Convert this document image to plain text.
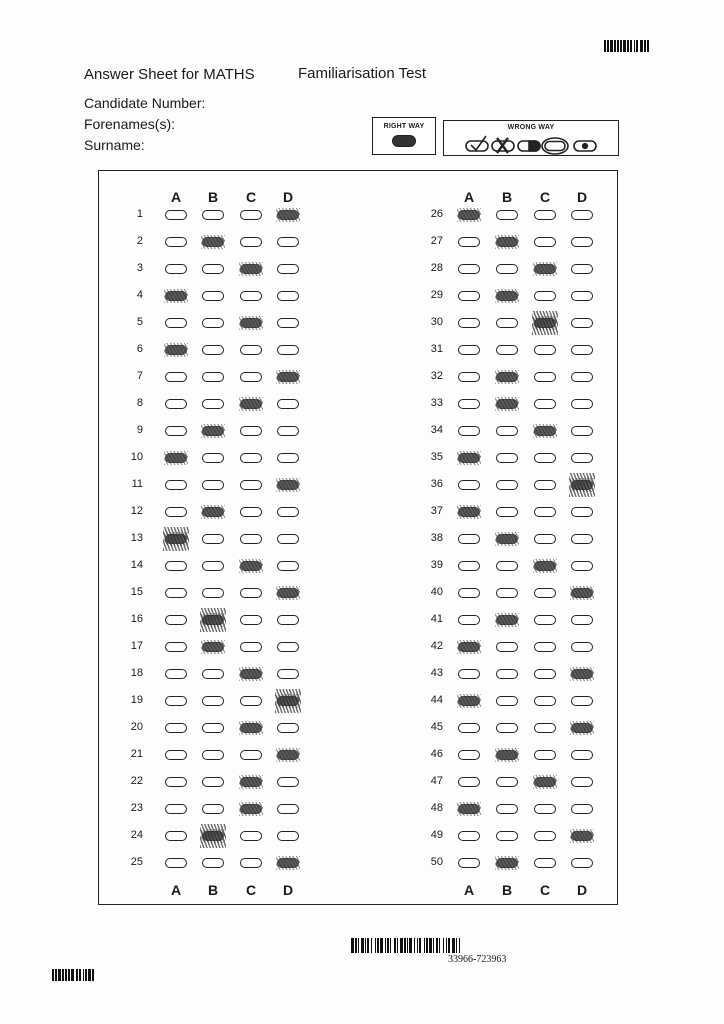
Answer Sheet for MATHS	Familiarisation Test
Candidate Number:
Forenames(s):
Surname:
RIGHT WAY	WRONG WAY
A
A
A
A
B
B
B
B
C
C
C
C
D
D
D
D
1
2
3
4
5
6
7
8
9
10
11
12
13
14
15
16
17
18
19
20
21
22
23
24
25
26
27
28
29
30
31
32
33
34
35
36
37
38
39
40
41
42
43
44
45
46
47
48
49
50
33966-723963
